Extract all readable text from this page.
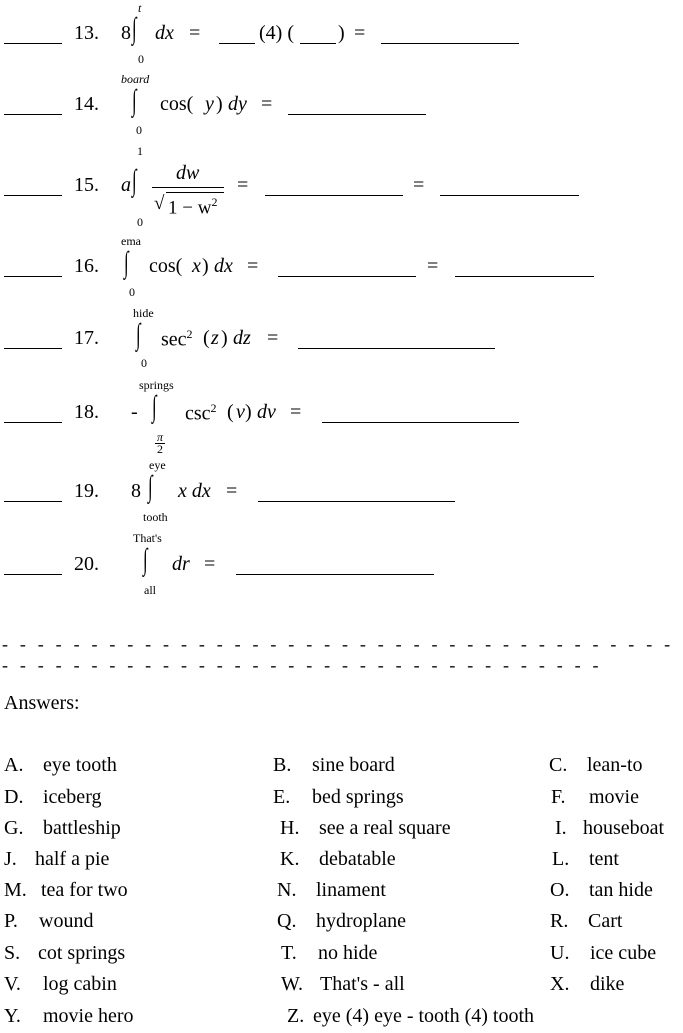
13. 8
t
∫
0
dx =	(4) ( ) =
14.
board
∫
0
cos( y ) dy =
15. a
1
∫
0
dw
√ $1 - w^2$
=	=
16.
ema
∫
0
cos( x ) dx =	=
17.
hide
∫
0
$\sec^2$ ( z ) dz =
18. -
springs
∫
π
2
$\csc^2$ ( v ) dv =
19. 8
eye
∫
tooth
x dx =
20.
That's
∫
all
dr =
- - - - - - - - - - - - - - - - - - - - - - - - - - - - - - - - - - - - - - - - - - - - - - - - - - - - - - - - - - - - - - - - - - - - - - - -
Answers:
A. eye tooth	B. sine board	C. lean-to
D. iceberg	E. bed springs	F. movie
G. battleship	H. see a real square	I. houseboat
J. half a pie	K. debatable	L. tent
M. tea for two	N. linament	O. tan hide
P. wound	Q. hydroplane	R. Cart
S. cot springs	T. no hide	U. ice cube
V. log cabin	W. That's - all	X. dike
Y. movie hero	Z. eye (4) eye - tooth (4) tooth
